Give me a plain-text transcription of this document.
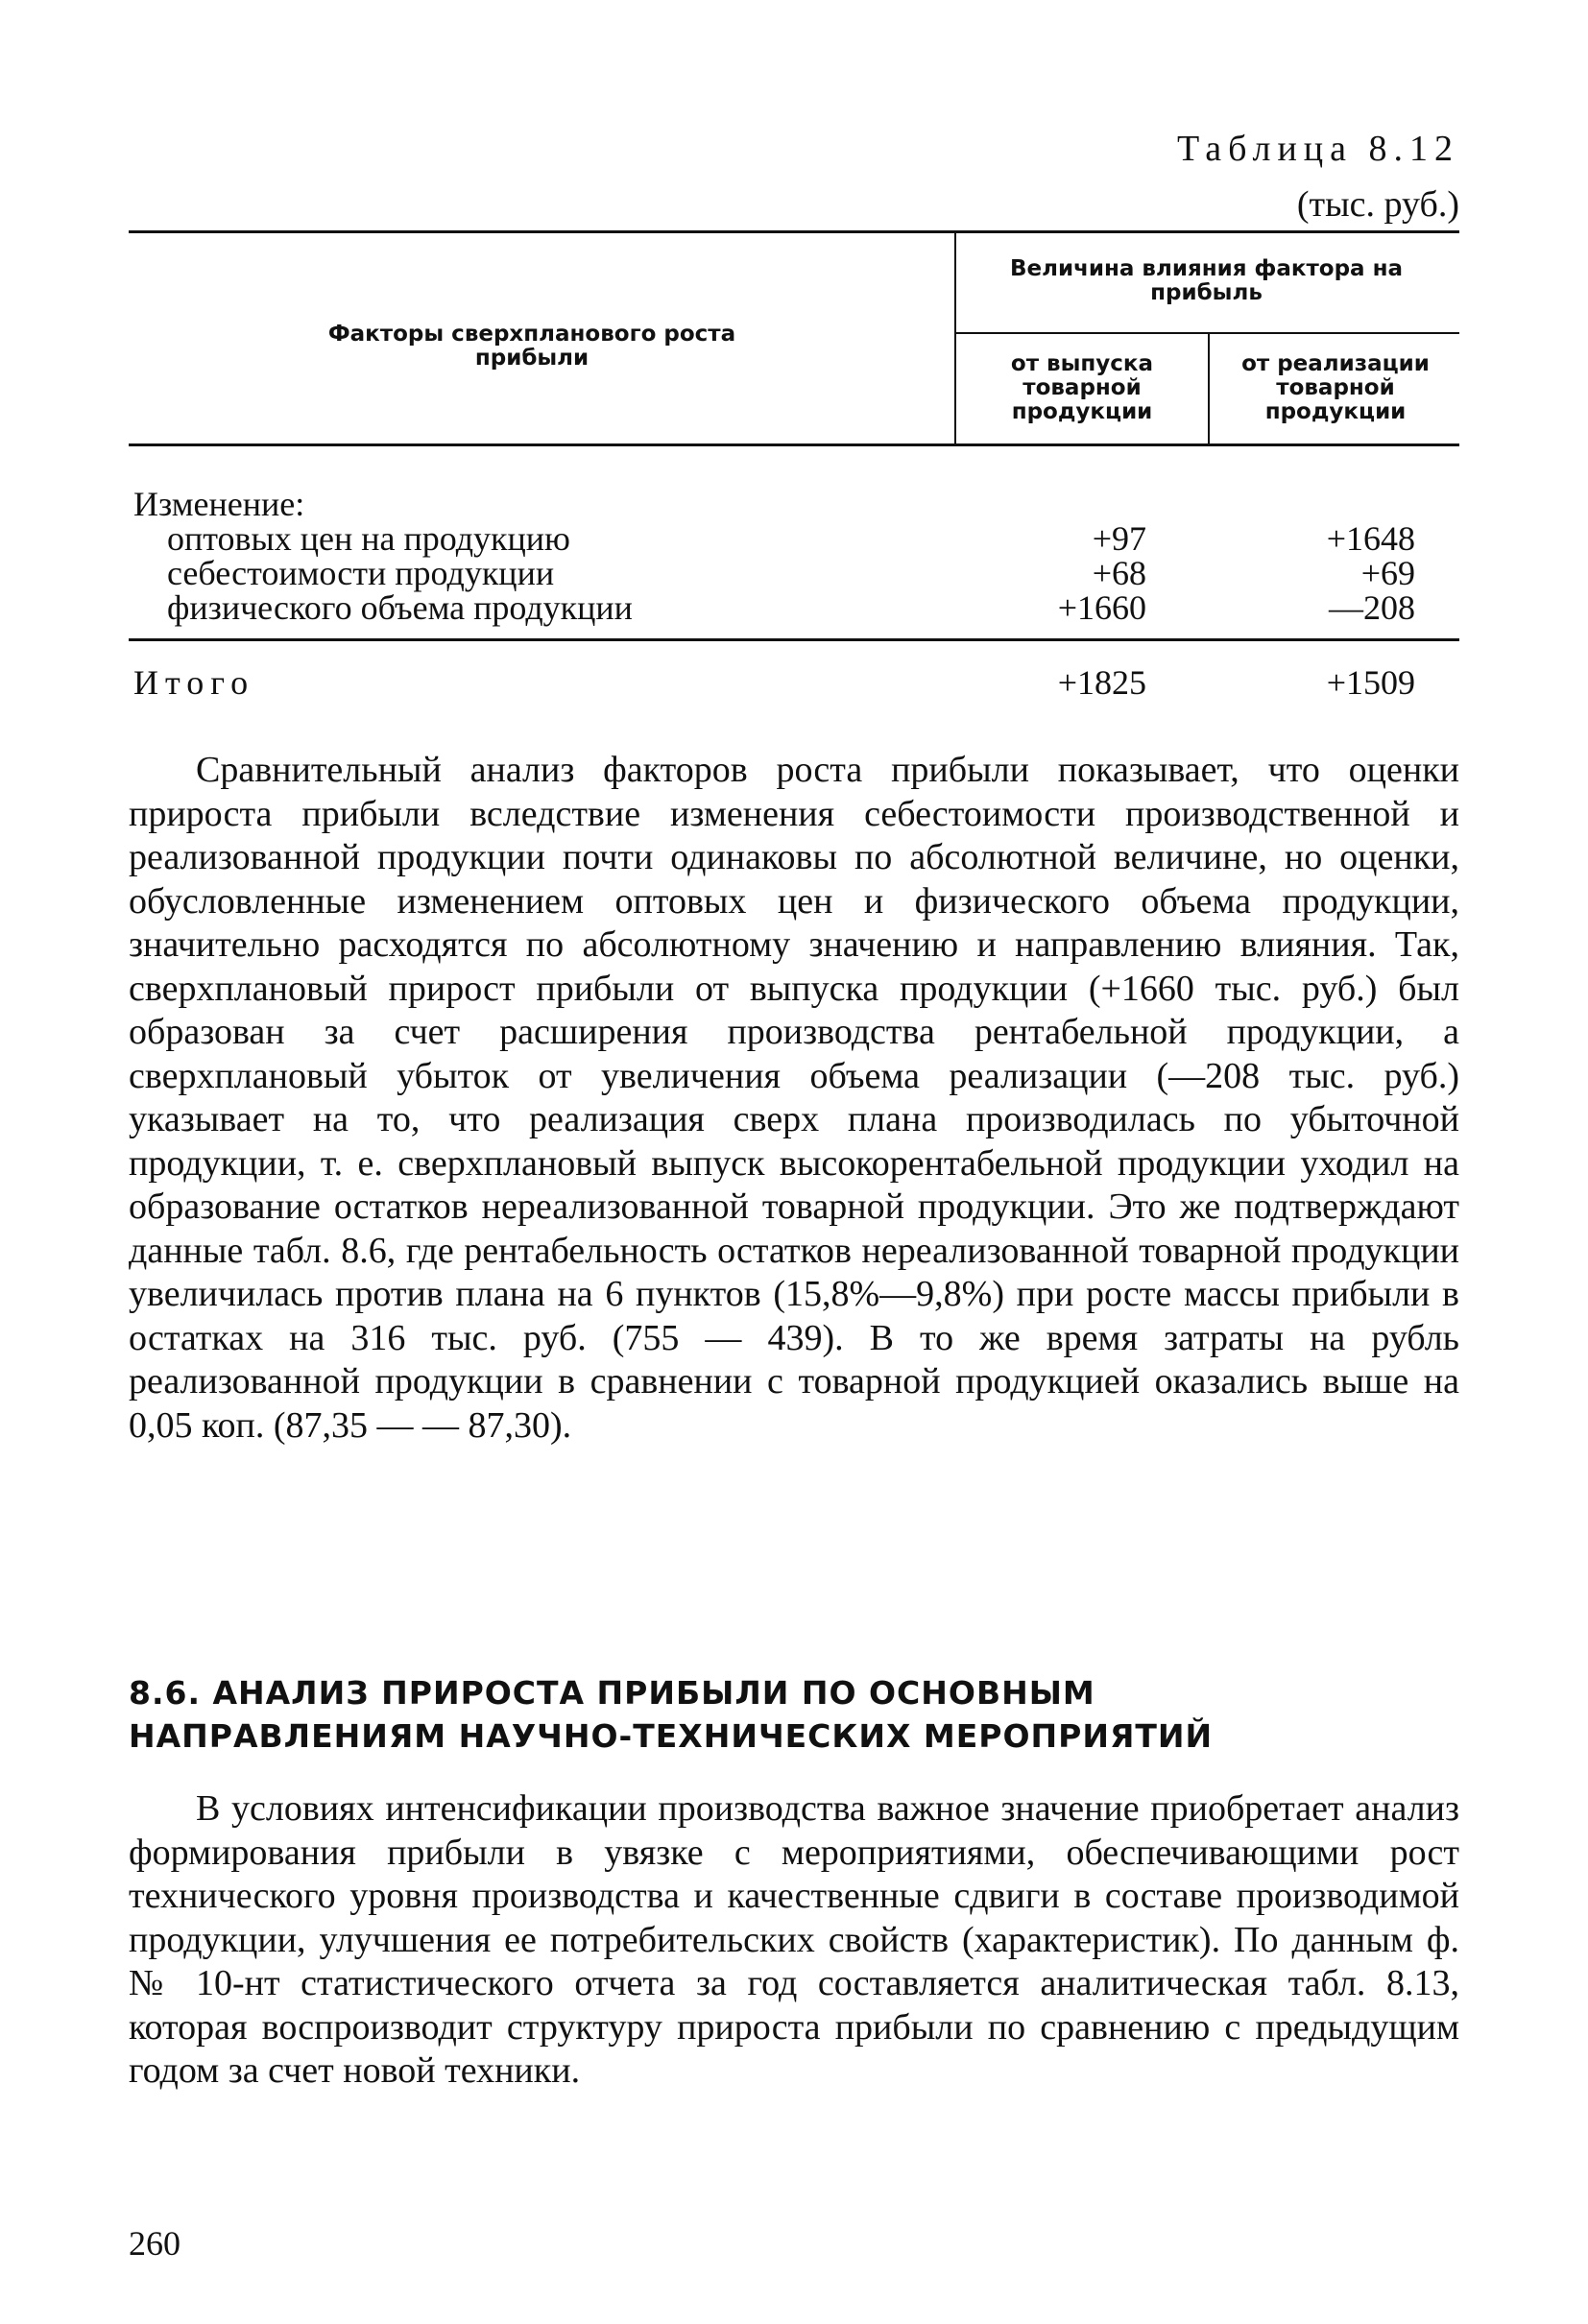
Таблица 8.12
(тыс. руб.)
Факторы сверхпланового роста прибыли
Величина влияния фактора на прибыль
от выпуска товарной продукции
от реализации товарной продукции
Изменение:
оптовых цен на продукцию	+97	+1648
себестоимости продукции	+68	+69
физического объема продукции	+1660	—208
Итого	+1825	+1509

Сравнительный анализ факторов роста прибыли показывает, что оценки прироста прибыли вследствие изменения себестоимости производственной и реализованной продукции почти одинаковы по абсолютной величине, но оценки, обусловленные изменением оптовых цен и физического объема продукции, значительно расходятся по абсолютному значению и направлению влияния. Так, сверхплановый прирост прибыли от выпуска продукции (+1660 тыс. руб.) был образован за счет расширения производства рентабельной продукции, а сверхплановый убыток от увеличения объема реализации (—208 тыс. руб.) указывает на то, что реализация сверх плана производилась по убыточной продукции, т. е. сверхплановый выпуск высокорентабельной продукции уходил на образование остатков нереализованной товарной продукции. Это же подтверждают данные табл. 8.6, где рентабельность остатков нереализованной товарной продукции увеличилась против плана на 6 пунктов (15,8%—9,8%) при росте массы прибыли в остатках на 316 тыс. руб. (755 — 439). В то же время затраты на рубль реализованной продукции в сравнении с товарной продукцией оказались выше на 0,05 коп. (87,35 — — 87,30).

8.6. АНАЛИЗ ПРИРОСТА ПРИБЫЛИ ПО ОСНОВНЫМ
НАПРАВЛЕНИЯМ НАУЧНО-ТЕХНИЧЕСКИХ МЕРОПРИЯТИЙ

В условиях интенсификации производства важное значение приобретает анализ формирования прибыли в увязке с мероприятиями, обеспечивающими рост технического уровня производства и качественные сдвиги в составе производимой продукции, улучшения ее потребительских свойств (характеристик). По данным ф. № 10-нт статистического отчета за год составляется аналитическая табл. 8.13, которая воспроизводит структуру прироста прибыли по сравнению с предыдущим годом за счет новой техники.

260
